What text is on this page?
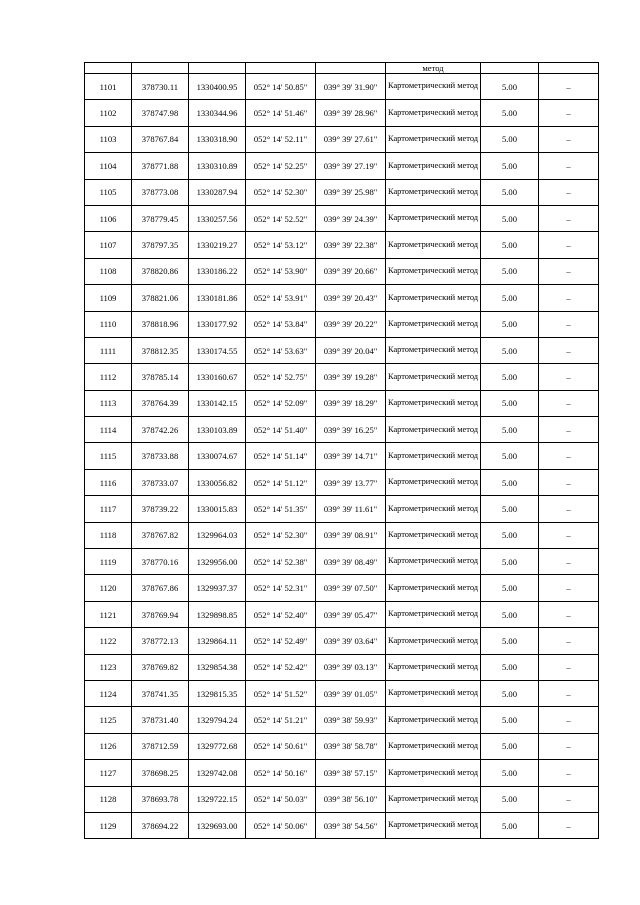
					метод		
1101	378730.11	1330400.95	052° 14' 50.85"	039° 39' 31.90"	Картометрический метод	5.00	–
1102	378747.98	1330344.96	052° 14' 51.46"	039° 39' 28.96"	Картометрический метод	5.00	–
1103	378767.84	1330318.90	052° 14' 52.11"	039° 39' 27.61"	Картометрический метод	5.00	–
1104	378771.88	1330310.89	052° 14' 52.25"	039° 39' 27.19"	Картометрический метод	5.00	–
1105	378773.08	1330287.94	052° 14' 52.30"	039° 39' 25.98"	Картометрический метод	5.00	–
1106	378779.45	1330257.56	052° 14' 52.52"	039° 39' 24.39"	Картометрический метод	5.00	–
1107	378797.35	1330219.27	052° 14' 53.12"	039° 39' 22.38"	Картометрический метод	5.00	–
1108	378820.86	1330186.22	052° 14' 53.90"	039° 39' 20.66"	Картометрический метод	5.00	–
1109	378821.06	1330181.86	052° 14' 53.91"	039° 39' 20.43"	Картометрический метод	5.00	–
1110	378818.96	1330177.92	052° 14' 53.84"	039° 39' 20.22"	Картометрический метод	5.00	–
1111	378812.35	1330174.55	052° 14' 53.63"	039° 39' 20.04"	Картометрический метод	5.00	–
1112	378785.14	1330160.67	052° 14' 52.75"	039° 39' 19.28"	Картометрический метод	5.00	–
1113	378764.39	1330142.15	052° 14' 52.09"	039° 39' 18.29"	Картометрический метод	5.00	–
1114	378742.26	1330103.89	052° 14' 51.40"	039° 39' 16.25"	Картометрический метод	5.00	–
1115	378733.88	1330074.67	052° 14' 51.14"	039° 39' 14.71"	Картометрический метод	5.00	–
1116	378733.07	1330056.82	052° 14' 51.12"	039° 39' 13.77"	Картометрический метод	5.00	–
1117	378739.22	1330015.83	052° 14' 51.35"	039° 39' 11.61"	Картометрический метод	5.00	–
1118	378767.82	1329964.03	052° 14' 52.30"	039° 39' 08.91"	Картометрический метод	5.00	–
1119	378770.16	1329956.00	052° 14' 52.38"	039° 39' 08.49"	Картометрический метод	5.00	–
1120	378767.86	1329937.37	052° 14' 52.31"	039° 39' 07.50"	Картометрический метод	5.00	–
1121	378769.94	1329898.85	052° 14' 52.40"	039° 39' 05.47"	Картометрический метод	5.00	–
1122	378772.13	1329864.11	052° 14' 52.49"	039° 39' 03.64"	Картометрический метод	5.00	–
1123	378769.82	1329854.38	052° 14' 52.42"	039° 39' 03.13"	Картометрический метод	5.00	–
1124	378741.35	1329815.35	052° 14' 51.52"	039° 39' 01.05"	Картометрический метод	5.00	–
1125	378731.40	1329794.24	052° 14' 51.21"	039° 38' 59.93"	Картометрический метод	5.00	–
1126	378712.59	1329772.68	052° 14' 50.61"	039° 38' 58.78"	Картометрический метод	5.00	–
1127	378698.25	1329742.08	052° 14' 50.16"	039° 38' 57.15"	Картометрический метод	5.00	–
1128	378693.78	1329722.15	052° 14' 50.03"	039° 38' 56.10"	Картометрический метод	5.00	–
1129	378694.22	1329693.00	052° 14' 50.06"	039° 38' 54.56"	Картометрический метод	5.00	–
